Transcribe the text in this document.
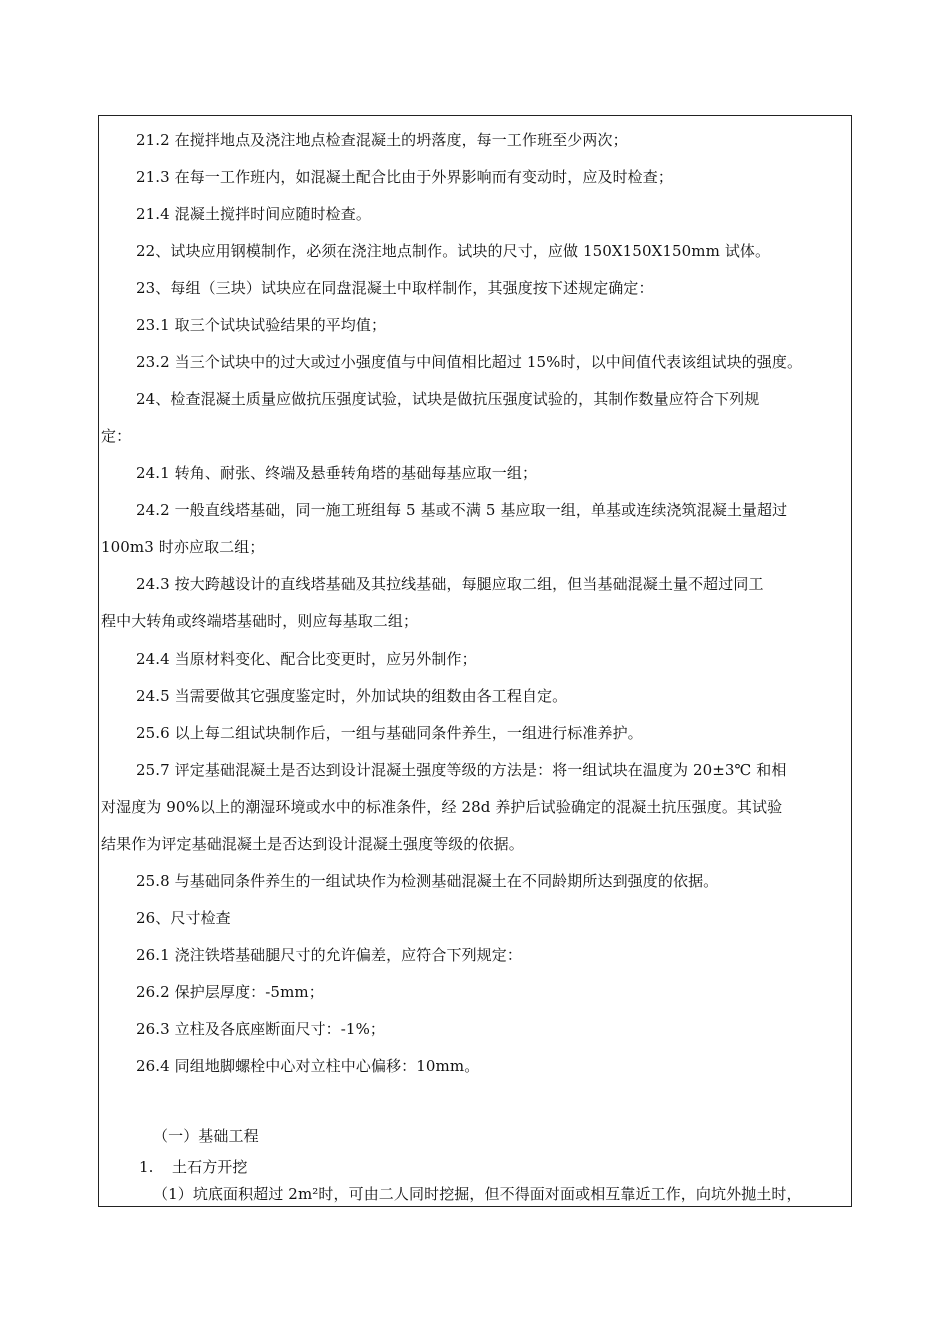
21.2 在搅拌地点及浇注地点检查混凝土的坍落度，每一工作班至少两次；
21.3 在每一工作班内，如混凝土配合比由于外界影响而有变动时，应及时检查；
21.4 混凝土搅拌时间应随时检查。
22、试块应用钢模制作，必须在浇注地点制作。试块的尺寸，应做 150X150X150mm 试体。
23、每组（三块）试块应在同盘混凝土中取样制作，其强度按下述规定确定：
23.1 取三个试块试验结果的平均值；
23.2 当三个试块中的过大或过小强度值与中间值相比超过 15%时，以中间值代表该组试块的强度。
24、检查混凝土质量应做抗压强度试验，试块是做抗压强度试验的，其制作数量应符合下列规
定：
24.1 转角、耐张、终端及悬垂转角塔的基础每基应取一组；
24.2 一般直线塔基础，同一施工班组每 5 基或不满 5 基应取一组，单基或连续浇筑混凝土量超过
100m3 时亦应取二组；
24.3 按大跨越设计的直线塔基础及其拉线基础，每腿应取二组，但当基础混凝土量不超过同工
程中大转角或终端塔基础时，则应每基取二组；
24.4 当原材料变化、配合比变更时，应另外制作；
24.5 当需要做其它强度鉴定时，外加试块的组数由各工程自定。
25.6 以上每二组试块制作后，一组与基础同条件养生，一组进行标准养护。
25.7 评定基础混凝土是否达到设计混凝土强度等级的方法是：将一组试块在温度为 20±3℃ 和相
对湿度为 90%以上的潮湿环境或水中的标准条件，经 28d 养护后试验确定的混凝土抗压强度。其试验
结果作为评定基础混凝土是否达到设计混凝土强度等级的依据。
25.8 与基础同条件养生的一组试块作为检测基础混凝土在不同龄期所达到强度的依据。
26、尺寸检查
26.1 浇注铁塔基础腿尺寸的允许偏差，应符合下列规定：
26.2 保护层厚度：-5mm；
26.3 立柱及各底座断面尺寸：-1%；
26.4 同组地脚螺栓中心对立柱中心偏移：10mm。
（一）基础工程
1. 土石方开挖
（1）坑底面积超过 2m²时，可由二人同时挖掘，但不得面对面或相互靠近工作，向坑外抛土时，
